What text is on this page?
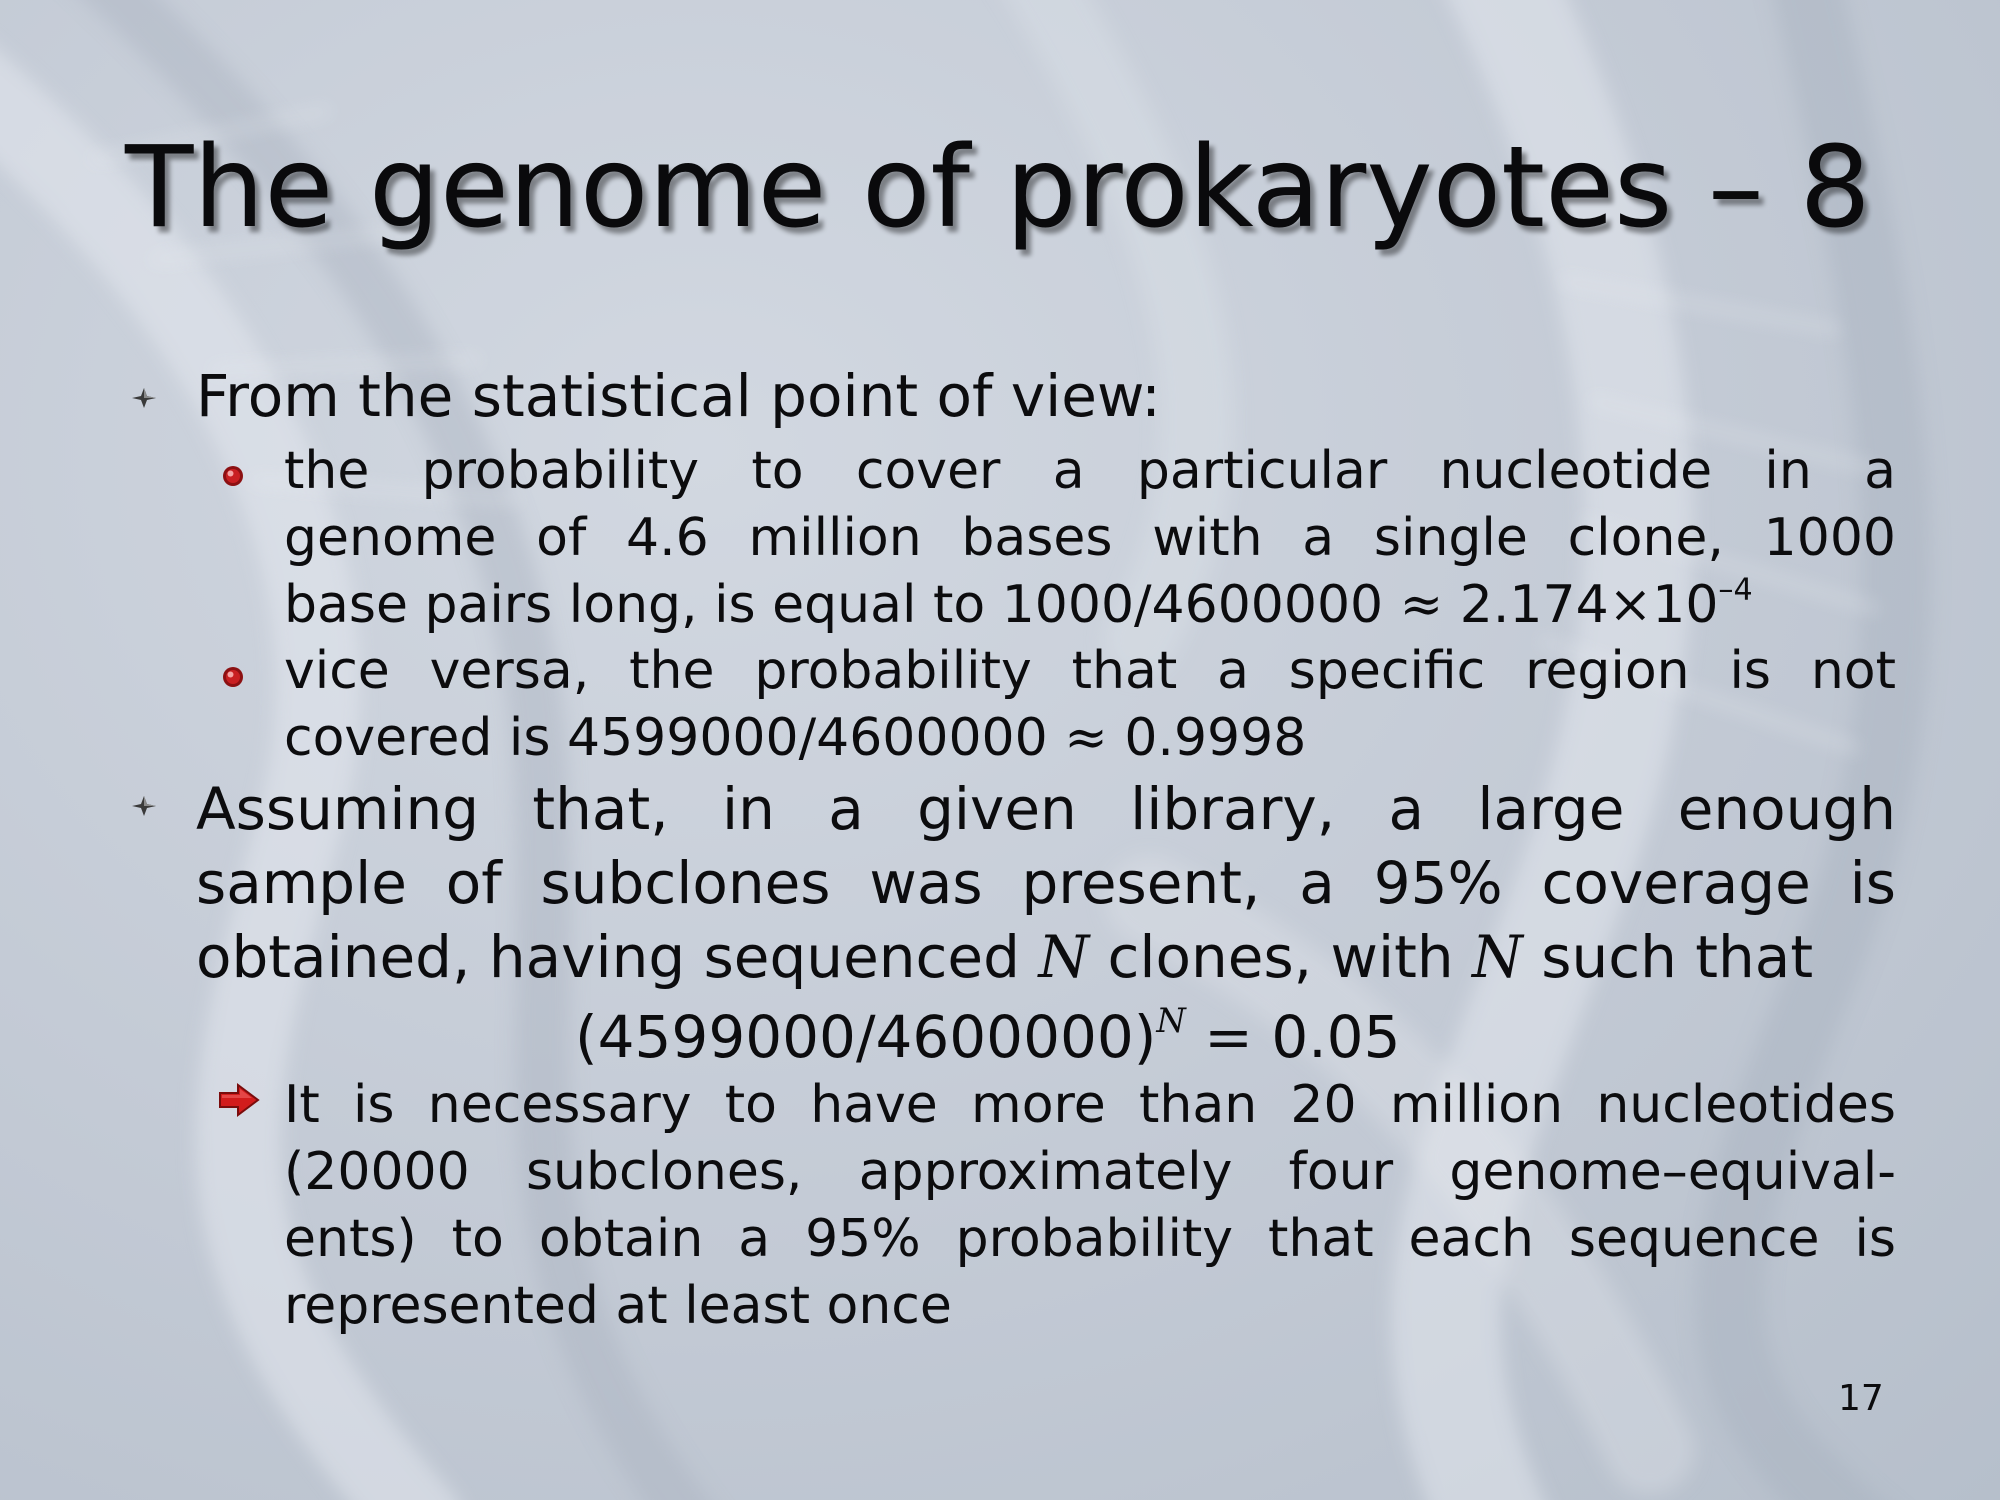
The genome of prokaryotes – 8
From the statistical point of view:
the probability to cover a particular nucleotide in a
genome of 4.6 million bases with a single clone, 1000
base pairs long, is equal to $1000/4600000 \approx 2.174\times 10^{-4}$
vice versa, the probability that a specific region is not
covered is 4599000/4600000 ≈ 0.9998
Assuming that, in a given library, a large enough
sample of subclones was present, a 95% coverage is
obtained, having sequenced N clones, with N such that
$(4599000/4600000)^N = 0.05$
It is necessary to have more than 20 million nucleotides
(20000 subclones, approximately four genome–equival-
ents) to obtain a 95% probability that each sequence is
represented at least once
17
